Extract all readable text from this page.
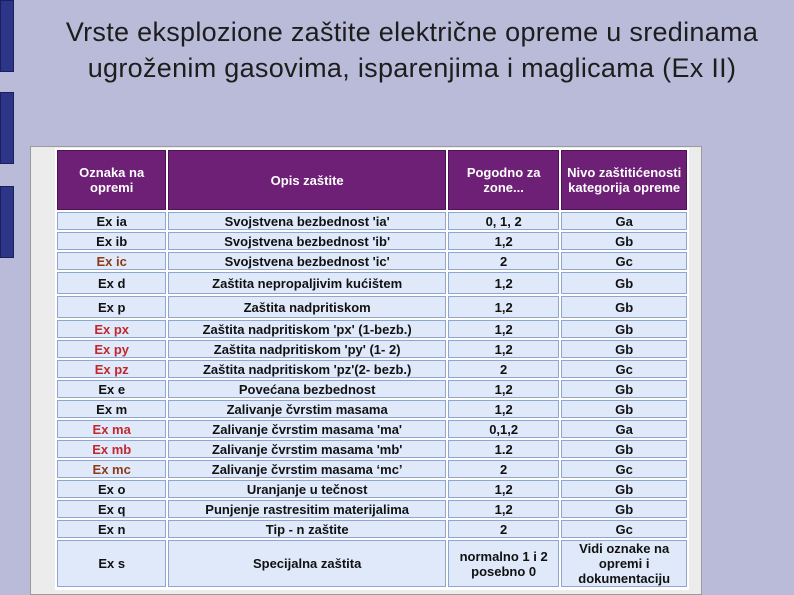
Vrste eksplozione zaštite električne opreme u sredinama ugroženim gasovima, isparenjima i maglicama (Ex II)
Oznaka na opremi	Opis zaštite	Pogodno za zone...	Nivo zaštitićenosti kategorija opreme
Ex ia	Svojstvena bezbednost 'ia'	0, 1, 2	Ga
Ex ib	Svojstvena bezbednost 'ib'	1,2	Gb
Ex ic	Svojstvena bezbednost 'ic'	2	Gc
Ex d	Zaštita nepropaljivim kućištem	1,2	Gb
Ex p	Zaštita nadpritiskom	1,2	Gb
Ex px	Zaštita nadpritiskom 'px' (1-bezb.)	1,2	Gb
Ex py	Zaštita nadpritiskom 'py' (1- 2)	1,2	Gb
Ex pz	Zaštita nadpritiskom 'pz'(2- bezb.)	2	Gc
Ex e	Povećana bezbednost	1,2	Gb
Ex m	Zalivanje čvrstim masama	1,2	Gb
Ex ma	Zalivanje čvrstim masama 'ma'	0,1,2	Ga
Ex mb	Zalivanje čvrstim masama 'mb'	1.2	Gb
Ex mc	Zalivanje čvrstim masama ‘mc’	2	Gc
Ex o	Uranjanje u tečnost	1,2	Gb
Ex q	Punjenje rastresitim materijalima	1,2	Gb
Ex n	Tip - n zaštite	2	Gc
Ex s	Specijalna zaštita	normalno 1 i 2 posebno 0	Vidi oznake na opremi i dokumentaciju
